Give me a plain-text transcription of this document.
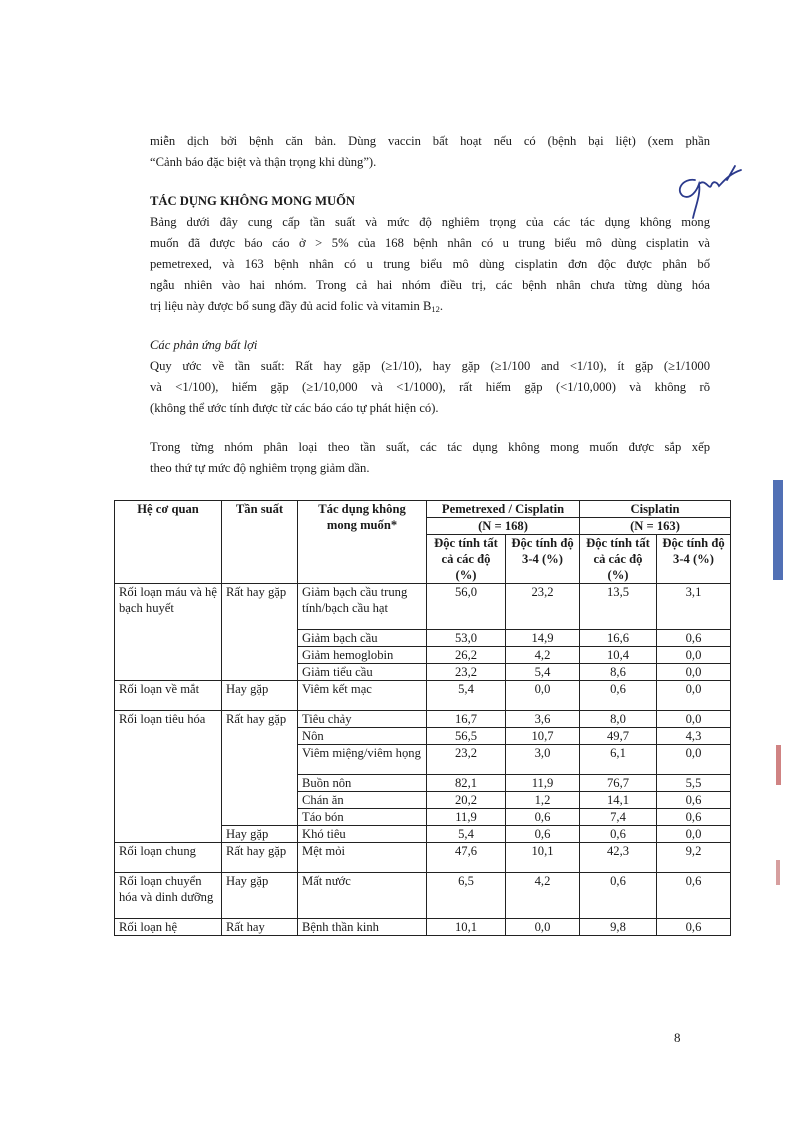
miễn dịch bởi bệnh căn bản. Dùng vaccin bất hoạt nếu có (bệnh bại liệt) (xem phần
“Cảnh báo đặc biệt và thận trọng khi dùng”).
TÁC DỤNG KHÔNG MONG MUỐN
Bảng dưới đây cung cấp tần suất và mức độ nghiêm trọng của các tác dụng không mong
muốn đã được báo cáo ở > 5% của 168 bệnh nhân có u trung biểu mô dùng cisplatin và
pemetrexed, và 163 bệnh nhân có u trung biểu mô dùng cisplatin đơn độc được phân bố
ngẫu nhiên vào hai nhóm. Trong cả hai nhóm điều trị, các bệnh nhân chưa từng dùng hóa
trị liệu này được bổ sung đầy đủ acid folic và vitamin $B_{12}$.
Các phản ứng bất lợi
Quy ước về tần suất: Rất hay gặp (≥1/10), hay gặp (≥1/100 and <1/10), ít gặp (≥1/1000
và <1/100), hiếm gặp (≥1/10,000 và <1/1000), rất hiếm gặp (<1/10,000) và không rõ
(không thể ước tính được từ các báo cáo tự phát hiện có).
Trong từng nhóm phân loại theo tần suất, các tác dụng không mong muốn được sắp xếp
theo thứ tự mức độ nghiêm trọng giảm dần.
Hệ cơ quan	Tần suất	Tác dụng không mong muốn*	Pemetrexed / Cisplatin		Cisplatin	
			(N = 168)		(N = 163)	
			Độc tính tất cả các độ (%)	Độc tính độ 3-4 (%)	Độc tính tất cả các độ (%)	Độc tính độ 3-4 (%)
Rối loạn máu và hệ bạch huyết	Rất hay gặp	Giảm bạch cầu trung tính/bạch cầu hạt	56,0	23,2	13,5	3,1
		Giảm bạch cầu	53,0	14,9	16,6	0,6
		Giảm hemoglobin	26,2	4,2	10,4	0,0
		Giảm tiểu cầu	23,2	5,4	8,6	0,0
Rối loạn về mắt	Hay gặp	Viêm kết mạc	5,4	0,0	0,6	0,0
Rối loạn tiêu hóa	Rất hay gặp	Tiêu chảy	16,7	3,6	8,0	0,0
		Nôn	56,5	10,7	49,7	4,3
		Viêm miệng/viêm họng	23,2	3,0	6,1	0,0
		Buồn nôn	82,1	11,9	76,7	5,5
		Chán ăn	20,2	1,2	14,1	0,6
		Táo bón	11,9	0,6	7,4	0,6
	Hay gặp	Khó tiêu	5,4	0,6	0,6	0,0
Rối loạn chung	Rất hay gặp	Mệt mỏi	47,6	10,1	42,3	9,2
Rối loạn chuyển hóa và dinh dưỡng	Hay gặp	Mất nước	6,5	4,2	0,6	0,6
Rối loạn hệ	Rất hay	Bệnh thần kinh	10,1	0,0	9,8	0,6
8
